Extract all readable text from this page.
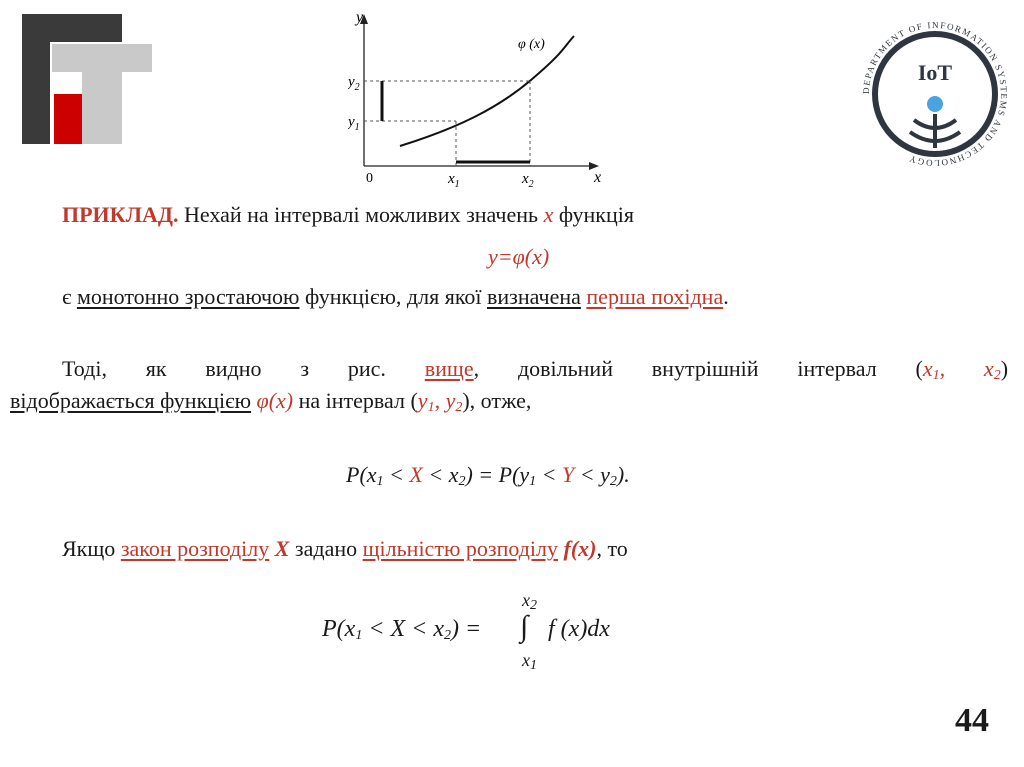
y
x
0
φ (x)
$y_2$
$y_1$
$x_1$	$x_2$
DEPARTMENT OF INFORMATION SYSTEMS AND TECHNOLOGY
IoT
ПРИКЛАД. Нехай на інтервалі можливих значень x функція
y=φ(x)
є монотонно зростаючою функцією, для якої визначена перша похідна.
Тоді, як видно з рис. вище, довільний внутрішній інтервал ($x_1$, $x_2$)
відображається функцією φ(x) на інтервал ($y_1$, $y_2$), отже,
$P(x_1 < X < x_2) = P(y_1 < Y < y_2)$.
Якщо закон розподілу X задано щільністю розподілу f(x), то
$P(x_1 < X < x_2)$ = ∫
$x_2$
$x_1$
f (x)dx
44
